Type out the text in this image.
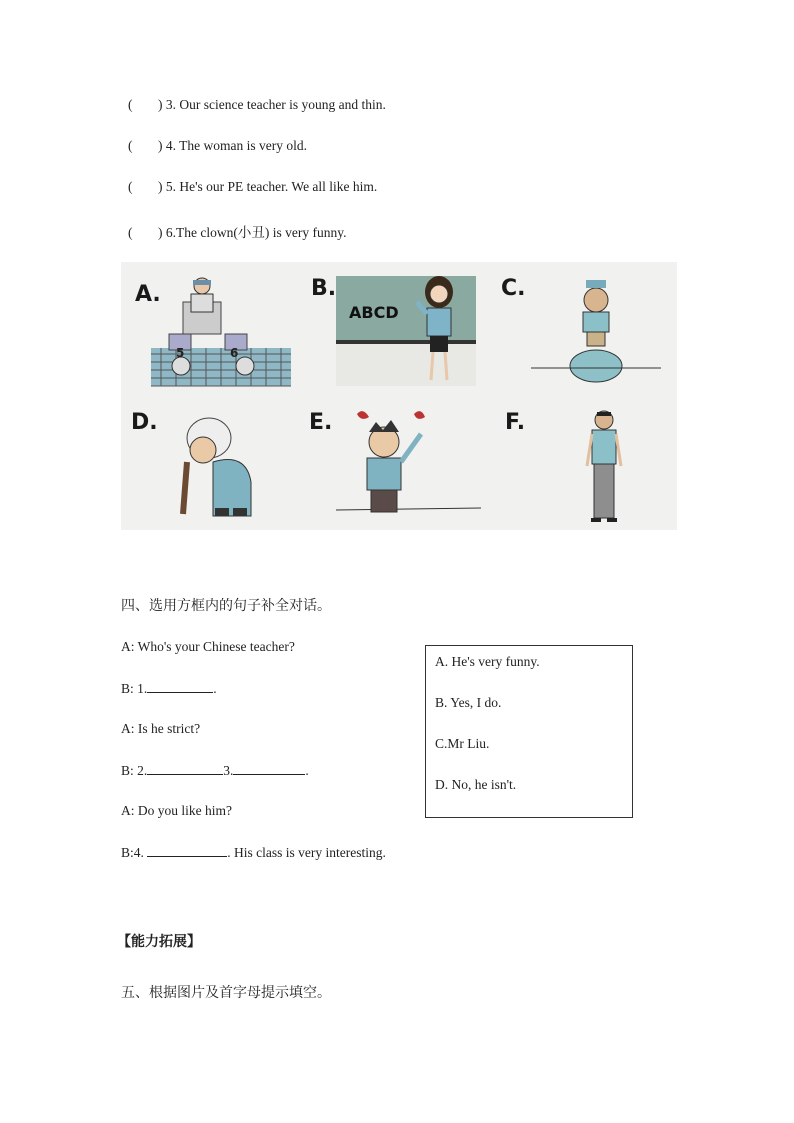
( ) 3. Our science teacher is young and thin.
( ) 4. The woman is very old.
( ) 5. He's our PE teacher. We all like him.
( ) 6.The clown(小丑) is very funny.
ABCD
5	6
A.	B.	C.
D.	E.	F.
四、选用方框内的句子补全对话。
A: Who's your Chinese teacher?
B: 1.	.
A: Is he strict?
B: 2.	3.	.
A: Do you like him?
B:4.	. His class is very interesting.
A. He's very funny.
B. Yes, I do.
C.Mr Liu.
D. No, he isn't.
【能力拓展】
五、根据图片及首字母提示填空。
